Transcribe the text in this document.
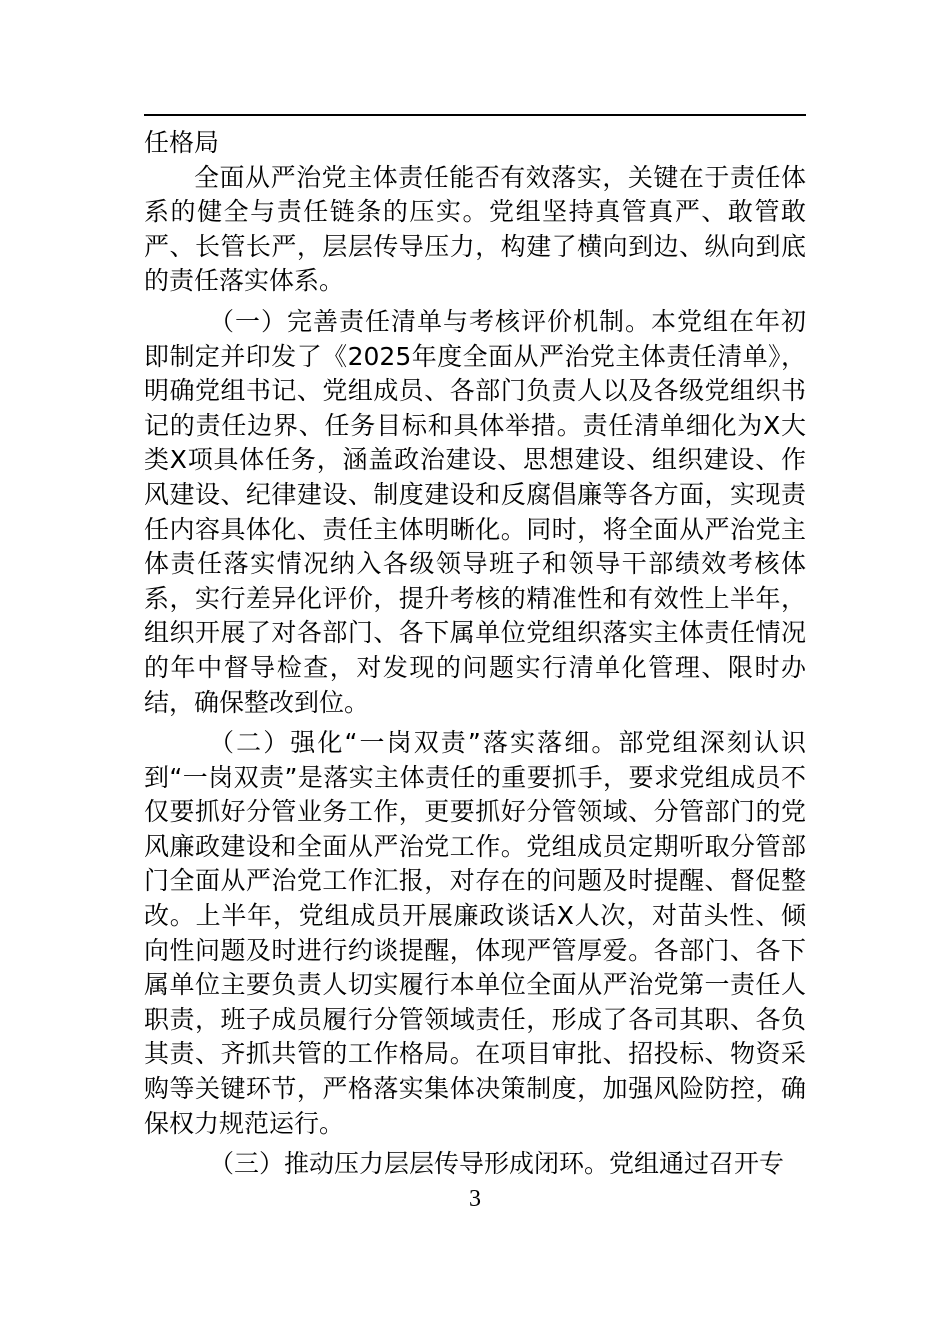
任格局

全面从严治党主体责任能否有效落实，关键在于责任体系的健全与责任链条的压实。党组坚持真管真严、敢管敢严、长管长严，层层传导压力，构建了横向到边、纵向到底的责任落实体系。

（一）完善责任清单与考核评价机制。本党组在年初即制定并印发了《2025年度全面从严治党主体责任清单》，明确党组书记、党组成员、各部门负责人以及各级党组织书记的责任边界、任务目标和具体举措。责任清单细化为X大类X项具体任务，涵盖政治建设、思想建设、组织建设、作风建设、纪律建设、制度建设和反腐倡廉等各方面，实现责任内容具体化、责任主体明晰化。同时，将全面从严治党主体责任落实情况纳入各级领导班子和领导干部绩效考核体系，实行差异化评价，提升考核的精准性和有效性上半年，组织开展了对各部门、各下属单位党组织落实主体责任情况的年中督导检查，对发现的问题实行清单化管理、限时办结，确保整改到位。

（二）强化“一岗双责”落实落细。部党组深刻认识到“一岗双责”是落实主体责任的重要抓手，要求党组成员不仅要抓好分管业务工作，更要抓好分管领域、分管部门的党风廉政建设和全面从严治党工作。党组成员定期听取分管部门全面从严治党工作汇报，对存在的问题及时提醒、督促整改。上半年，党组成员开展廉政谈话X人次，对苗头性、倾向性问题及时进行约谈提醒，体现严管厚爱。各部门、各下属单位主要负责人切实履行本单位全面从严治党第一责任人职责，班子成员履行分管领域责任，形成了各司其职、各负其责、齐抓共管的工作格局。在项目审批、招投标、物资采购等关键环节，严格落实集体决策制度，加强风险防控，确保权力规范运行。

（三）推动压力层层传导形成闭环。党组通过召开专

3
